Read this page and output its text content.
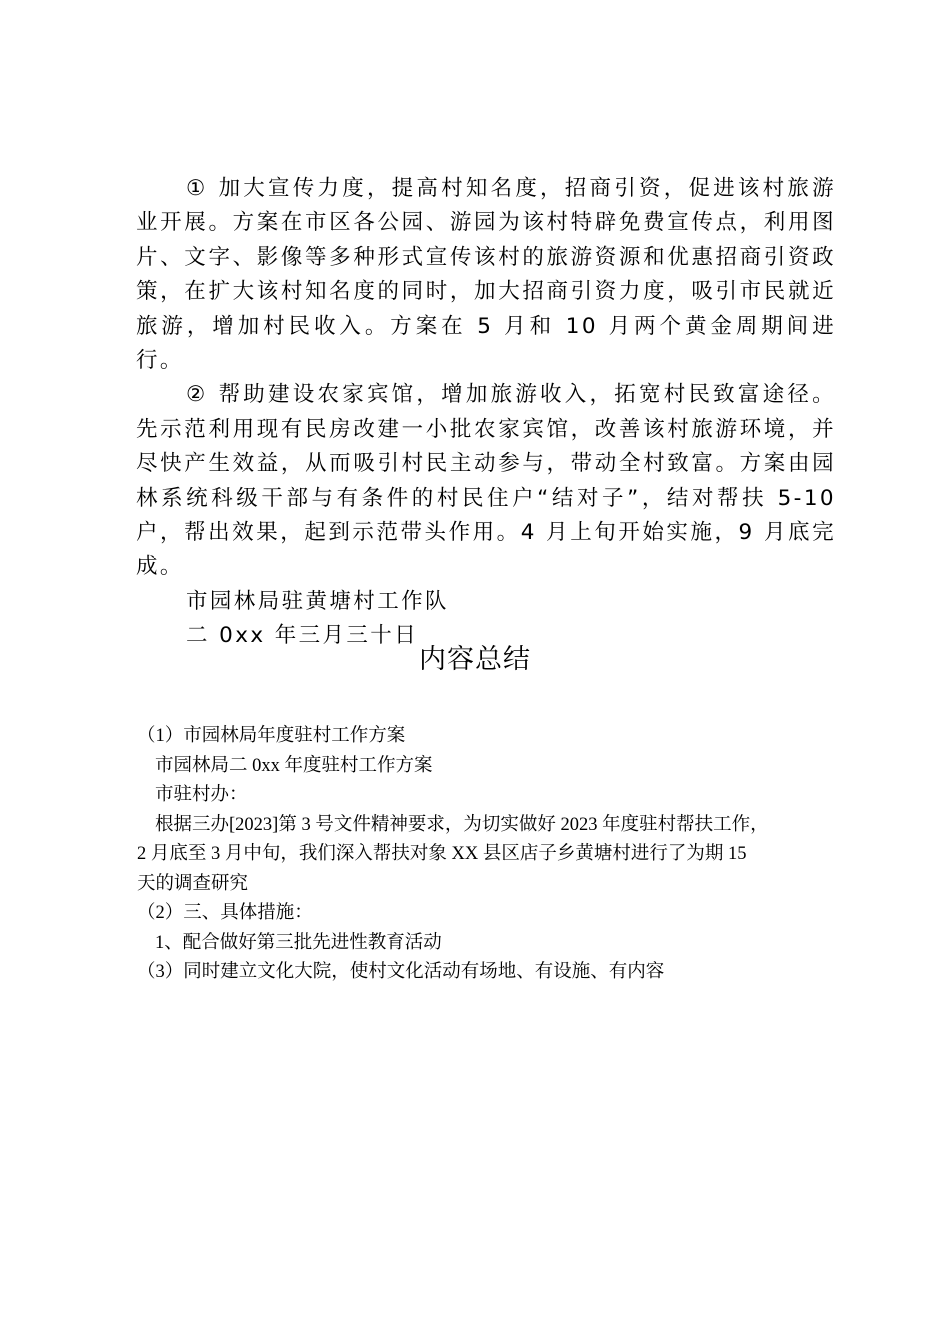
① 加大宣传力度，提高村知名度，招商引资，促进该村旅游业开展。方案在市区各公园、游园为该村特辟免费宣传点，利用图片、文字、影像等多种形式宣传该村的旅游资源和优惠招商引资政策，在扩大该村知名度的同时，加大招商引资力度，吸引市民就近旅游，增加村民收入。方案在 5 月和 10 月两个黄金周期间进行。

② 帮助建设农家宾馆，增加旅游收入，拓宽村民致富途径。先示范利用现有民房改建一小批农家宾馆，改善该村旅游环境，并尽快产生效益，从而吸引村民主动参与，带动全村致富。方案由园林系统科级干部与有条件的村民住户“结对子”，结对帮扶 5-10 户，帮出效果，起到示范带头作用。4 月上旬开始实施，9 月底完成。

市园林局驻黄塘村工作队

二 0xx 年三月三十日

内容总结

（1）市园林局年度驻村工作方案

市园林局二 0xx 年度驻村工作方案

市驻村办：

根据三办[2023]第 3 号文件精神要求，为切实做好 2023 年度驻村帮扶工作，

2 月底至 3 月中旬，我们深入帮扶对象 XX 县区店子乡黄塘村进行了为期 15

天的调查研究

（2）三、具体措施：

1、配合做好第三批先进性教育活动

（3）同时建立文化大院，使村文化活动有场地、有设施、有内容
